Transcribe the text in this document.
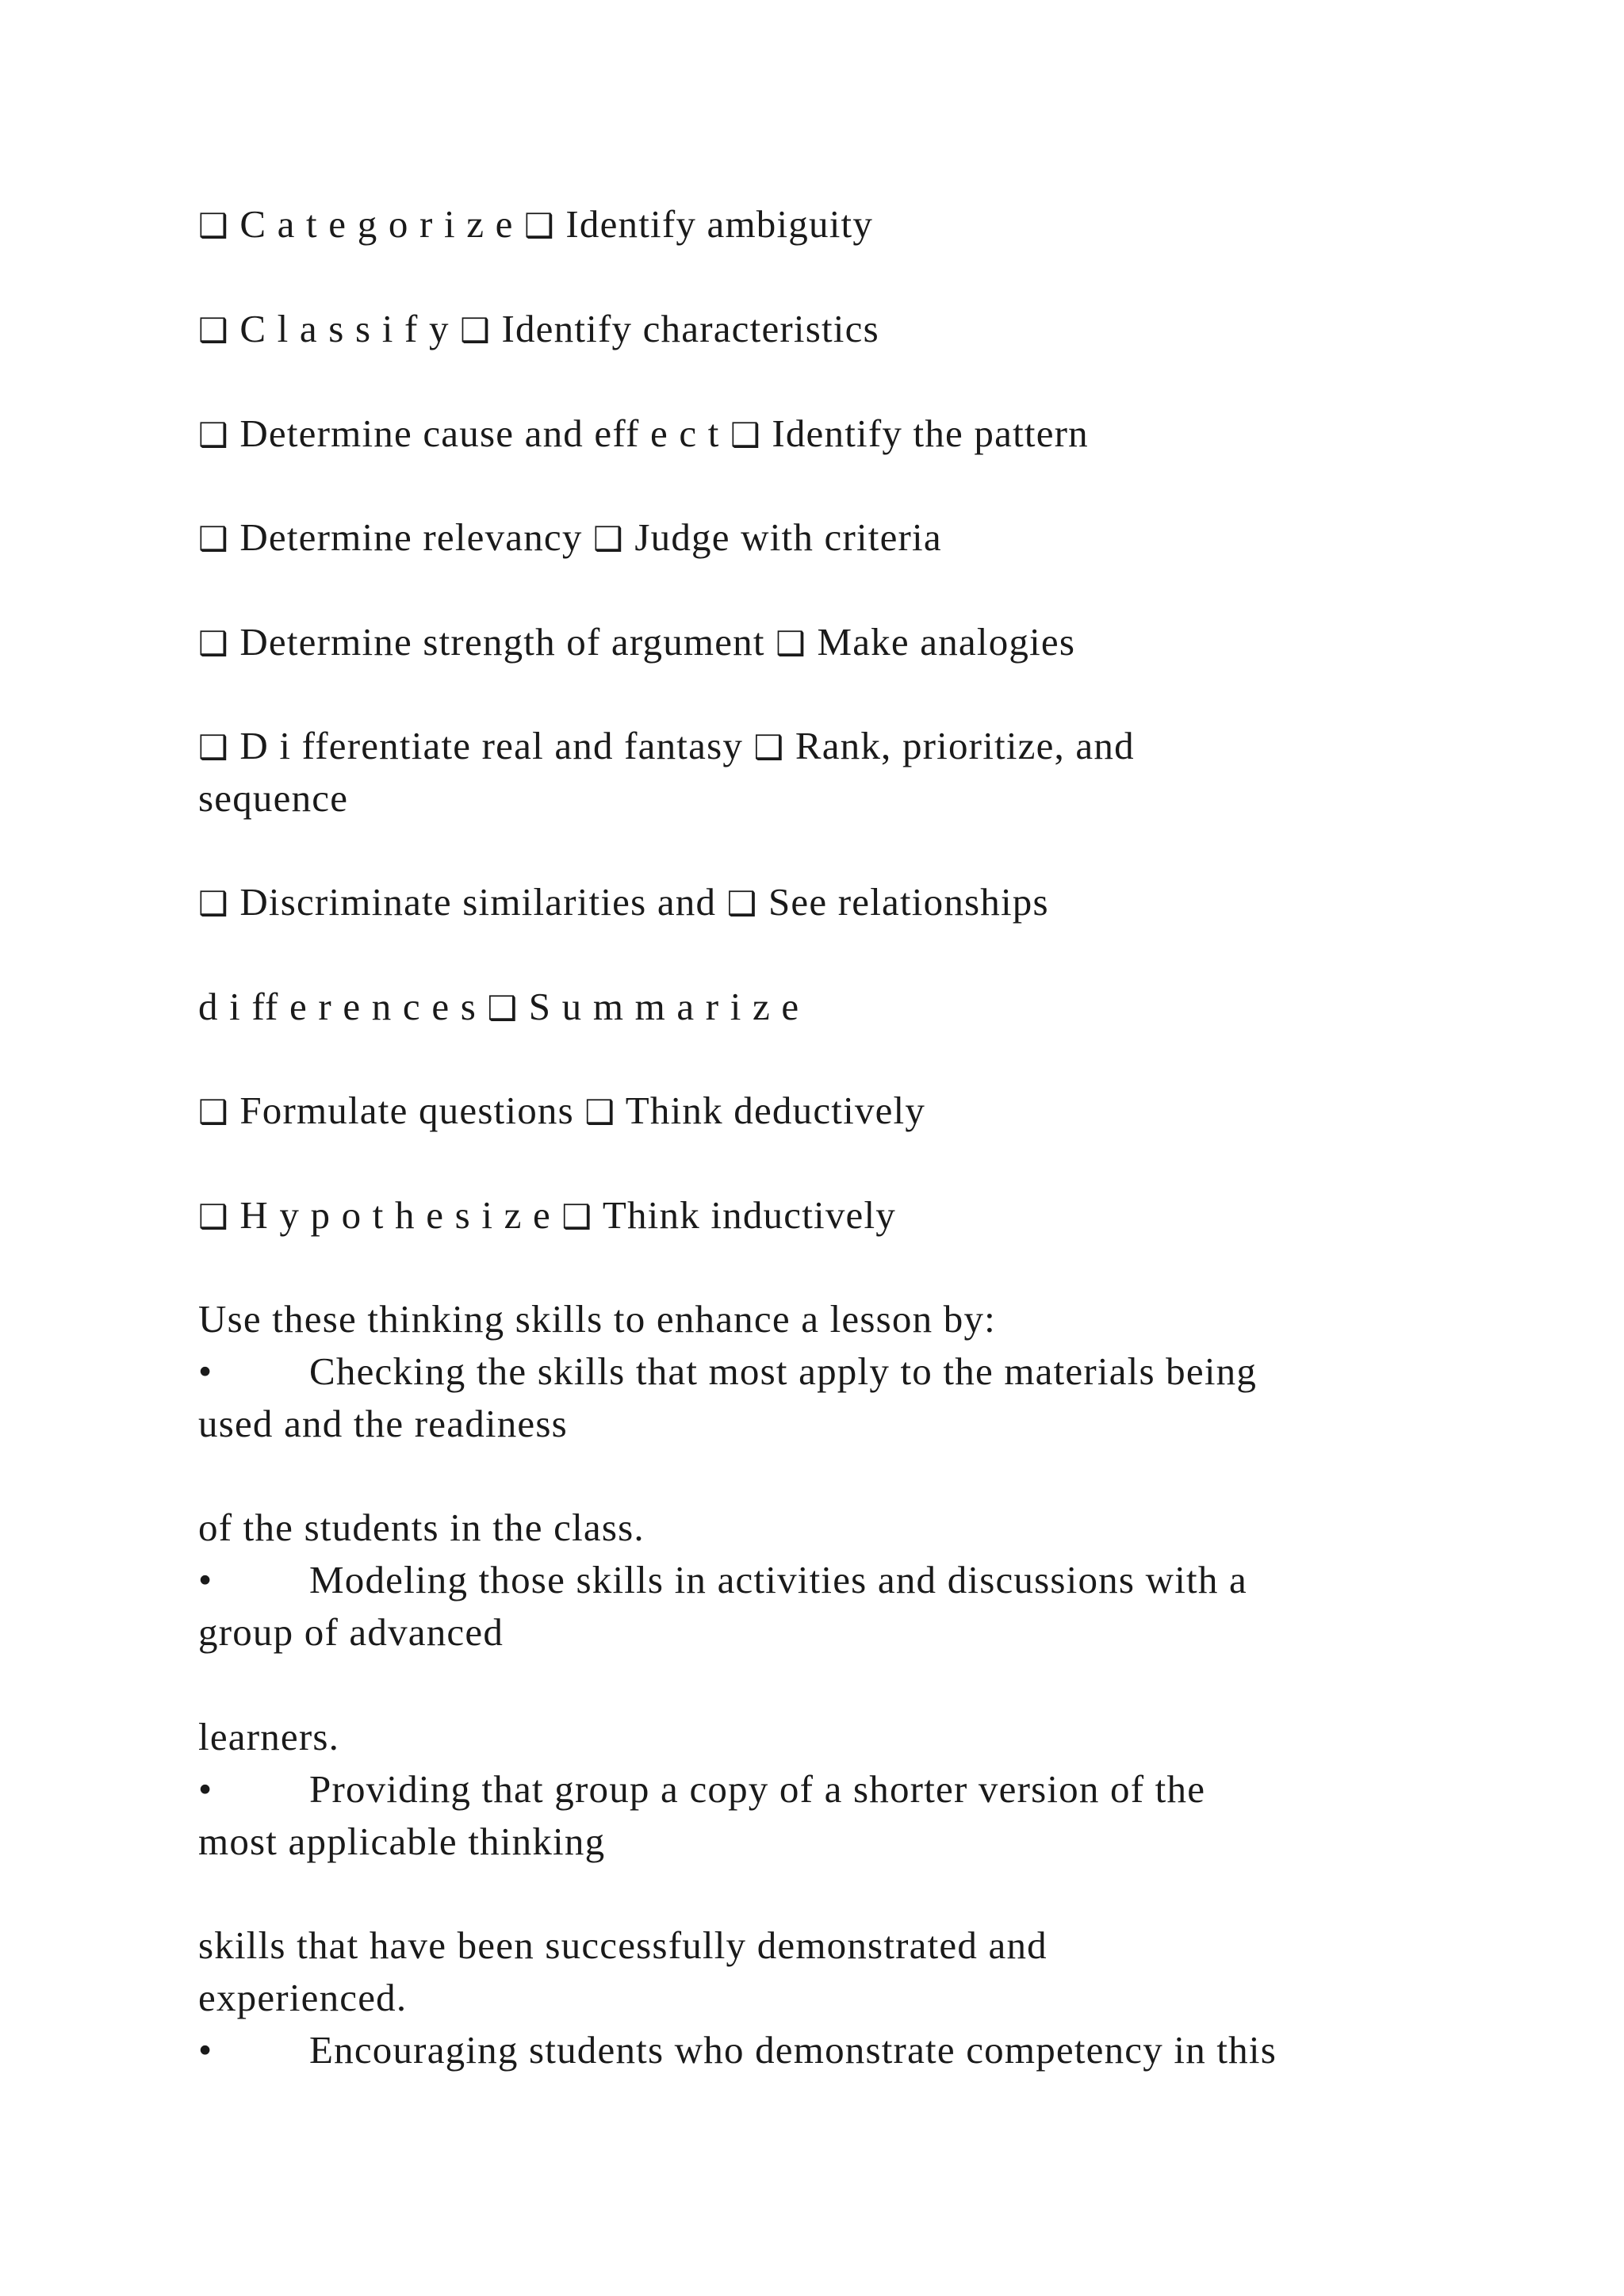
❑ C a t e g o r i z e ❑ Identify ambiguity
❑ C l a s s i f y ❑ Identify characteristics
❑ Determine cause and eff e c t ❑ Identify the pattern
❑ Determine relevancy ❑ Judge with criteria
❑ Determine strength of argument ❑ Make analogies
❑ D i fferentiate real and fantasy ❑ Rank, prioritize, and
sequence
❑ Discriminate similarities and ❑ See relationships
d i ff e r e n c e s ❑ S u m m a r i z e
❑ Formulate questions ❑ Think deductively
❑ H y p o t h e s i z e ❑ Think inductively
Use these thinking skills to enhance a lesson by:
• Checking the skills that most apply to the materials being
used and the readiness
of the students in the class.
• Modeling those skills in activities and discussions with a
group of advanced
learners.
• Providing that group a copy of a shorter version of the
most applicable thinking
skills that have been successfully demonstrated and
experienced.
• Encouraging students who demonstrate competency in this
